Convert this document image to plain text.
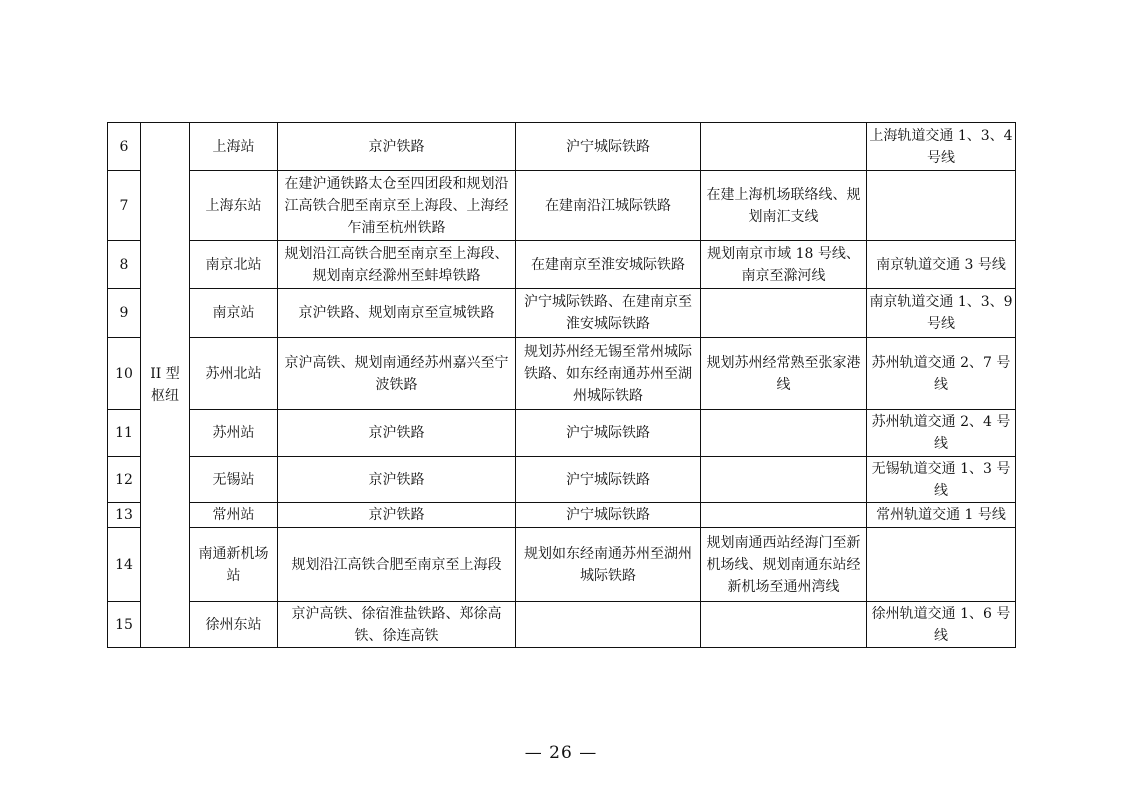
6	II 型枢纽	上海站	京沪铁路	沪宁城际铁路		上海轨道交通 1、3、4 号线
7		上海东站	在建沪通铁路太仓至四团段和规划沿江高铁合肥至南京至上海段、上海经乍浦至杭州铁路	在建南沿江城际铁路	在建上海机场联络线、规划南汇支线	
8		南京北站	规划沿江高铁合肥至南京至上海段、规划南京经滁州至蚌埠铁路	在建南京至淮安城际铁路	规划南京市域 18 号线、南京至滁河线	南京轨道交通 3 号线
9		南京站	京沪铁路、规划南京至宣城铁路	沪宁城际铁路、在建南京至淮安城际铁路		南京轨道交通 1、3、9 号线
10		苏州北站	京沪高铁、规划南通经苏州嘉兴至宁波铁路	规划苏州经无锡至常州城际铁路、如东经南通苏州至湖州城际铁路	规划苏州经常熟至张家港线	苏州轨道交通 2、7 号线
11		苏州站	京沪铁路	沪宁城际铁路		苏州轨道交通 2、4 号线
12		无锡站	京沪铁路	沪宁城际铁路		无锡轨道交通 1、3 号线
13		常州站	京沪铁路	沪宁城际铁路		常州轨道交通 1 号线
14		南通新机场站	规划沿江高铁合肥至南京至上海段	规划如东经南通苏州至湖州城际铁路	规划南通西站经海门至新机场线、规划南通东站经新机场至通州湾线	
15		徐州东站	京沪高铁、徐宿淮盐铁路、郑徐高铁、徐连高铁			徐州轨道交通 1、6 号线
— 26 —
